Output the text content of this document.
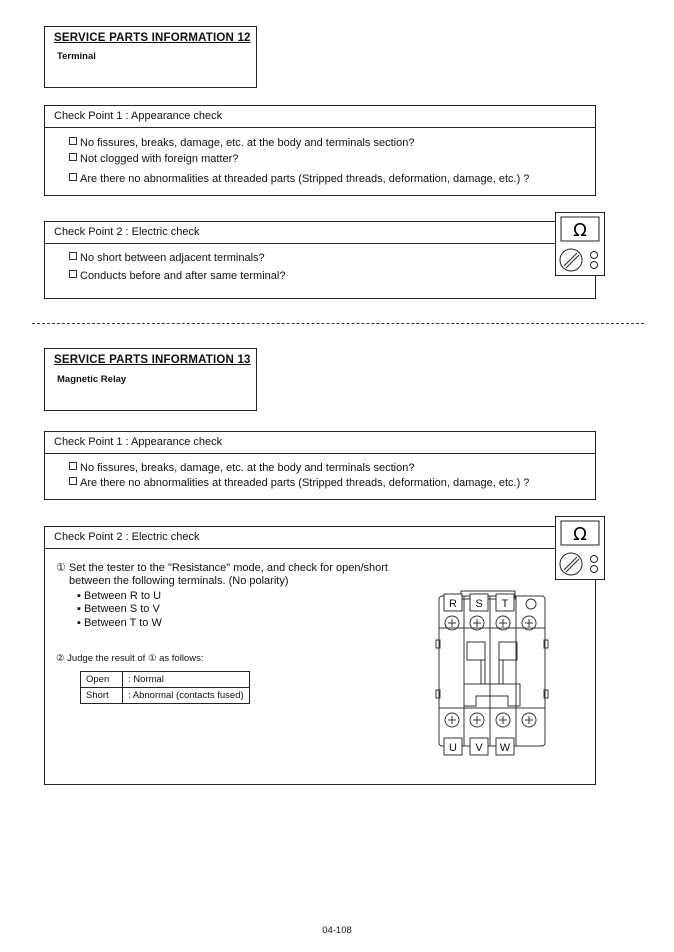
SERVICE PARTS INFORMATION 12
Terminal
Check Point 1 : Appearance check
No fissures, breaks, damage, etc. at the body and terminals section?
Not clogged with foreign matter?
Are there no abnormalities at threaded parts (Stripped threads, deformation, damage, etc.) ?
Check Point 2 : Electric check
No short between adjacent terminals?
Conducts before and after same terminal?
Ω
SERVICE PARTS INFORMATION 13
Magnetic Relay
Check Point 1 : Appearance check
No fissures, breaks, damage, etc. at the body and terminals section?
Are there no abnormalities at threaded parts (Stripped threads, deformation, damage, etc.) ?
Check Point 2 : Electric check
① Set the tester to the "Resistance" mode, and check for open/short
between the following terminals. (No polarity)
▪ Between R to U
▪ Between S to V
▪ Between T to W
② Judge the result of ① as follows:
Open	: Normal
Short	: Abnormal (contacts fused)
Ω
R S T
U V W
04-108
